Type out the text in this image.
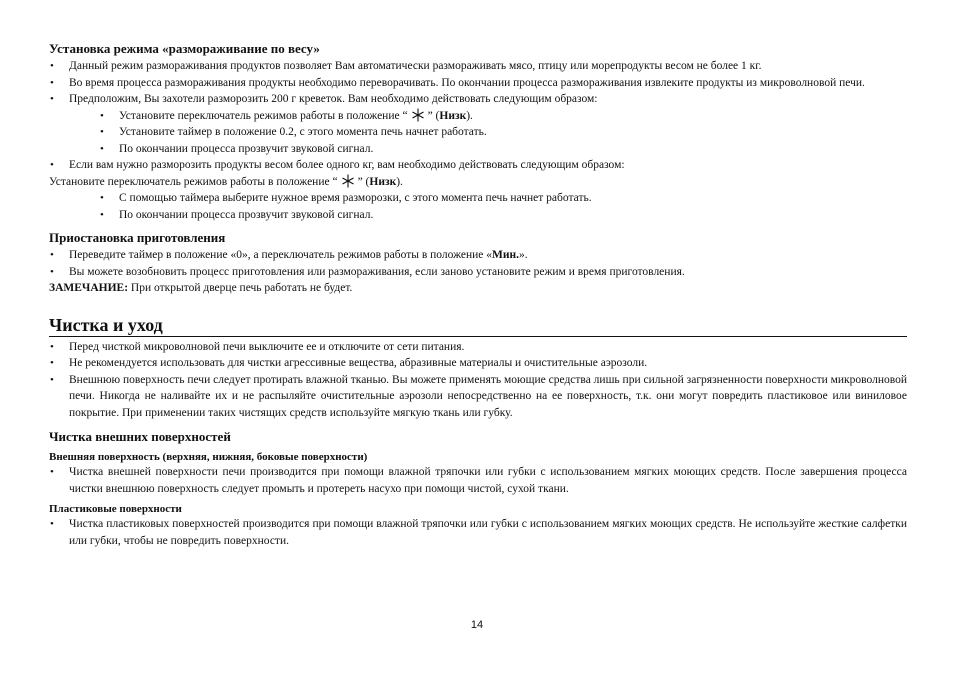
Установка режима «размораживание по весу»

• Данный режим размораживания продуктов позволяет Вам автоматически размораживать мясо, птицу или морепродукты весом не более 1 кг.
• Во время процесса размораживания продукты необходимо переворачивать. По окончании процесса размораживания извлеките продукты из микроволновой печи.
• Предположим, Вы захотели разморозить 200 г креветок. Вам необходимо действовать следующим образом:
• Установите переключатель режимов работы в положение “ ” (Низк).
• Установите таймер в положение 0.2, с этого момента печь начнет работать.
• По окончании процесса прозвучит звуковой сигнал.
• Если вам нужно разморозить продукты весом более одного кг, вам необходимо действовать следующим образом:

Установите переключатель режимов работы в положение “ ” (Низк).

• С помощью таймера выберите нужное время разморозки, с этого момента печь начнет работать.
• По окончании процесса прозвучит звуковой сигнал.

Приостановка приготовления

• Переведите таймер в положение «0», а переключатель режимов работы в положение «Мин.».
• Вы можете возобновить процесс приготовления или размораживания, если заново установите режим и время приготовления.

ЗАМЕЧАНИЕ: При открытой дверце печь работать не будет.

Чистка и уход

• Перед чисткой микроволновой печи выключите ее и отключите от сети питания.
• Не рекомендуется использовать для чистки агрессивные вещества, абразивные материалы и очистительные аэрозоли.
• Внешнюю поверхность печи следует протирать влажной тканью. Вы можете применять моющие средства лишь при сильной загрязненности поверхности микроволновой печи. Никогда не наливайте их и не распыляйте очистительные аэрозоли непосредственно на ее поверхность, т.к. они могут повредить пластиковое или виниловое покрытие. При применении таких чистящих средств используйте мягкую ткань или губку.

Чистка внешних поверхностей

Внешняя поверхность (верхняя, нижняя, боковые поверхности)

• Чистка внешней поверхности печи производится при помощи влажной тряпочки или губки с использованием мягких моющих средств. После завершения процесса чистки внешнюю поверхность следует промыть и протереть насухо при помощи чистой, сухой ткани.

Пластиковые поверхности

• Чистка пластиковых поверхностей производится при помощи влажной тряпочки или губки с использованием мягких моющих средств. Не используйте жесткие салфетки или губки, чтобы не повредить поверхности.
14
